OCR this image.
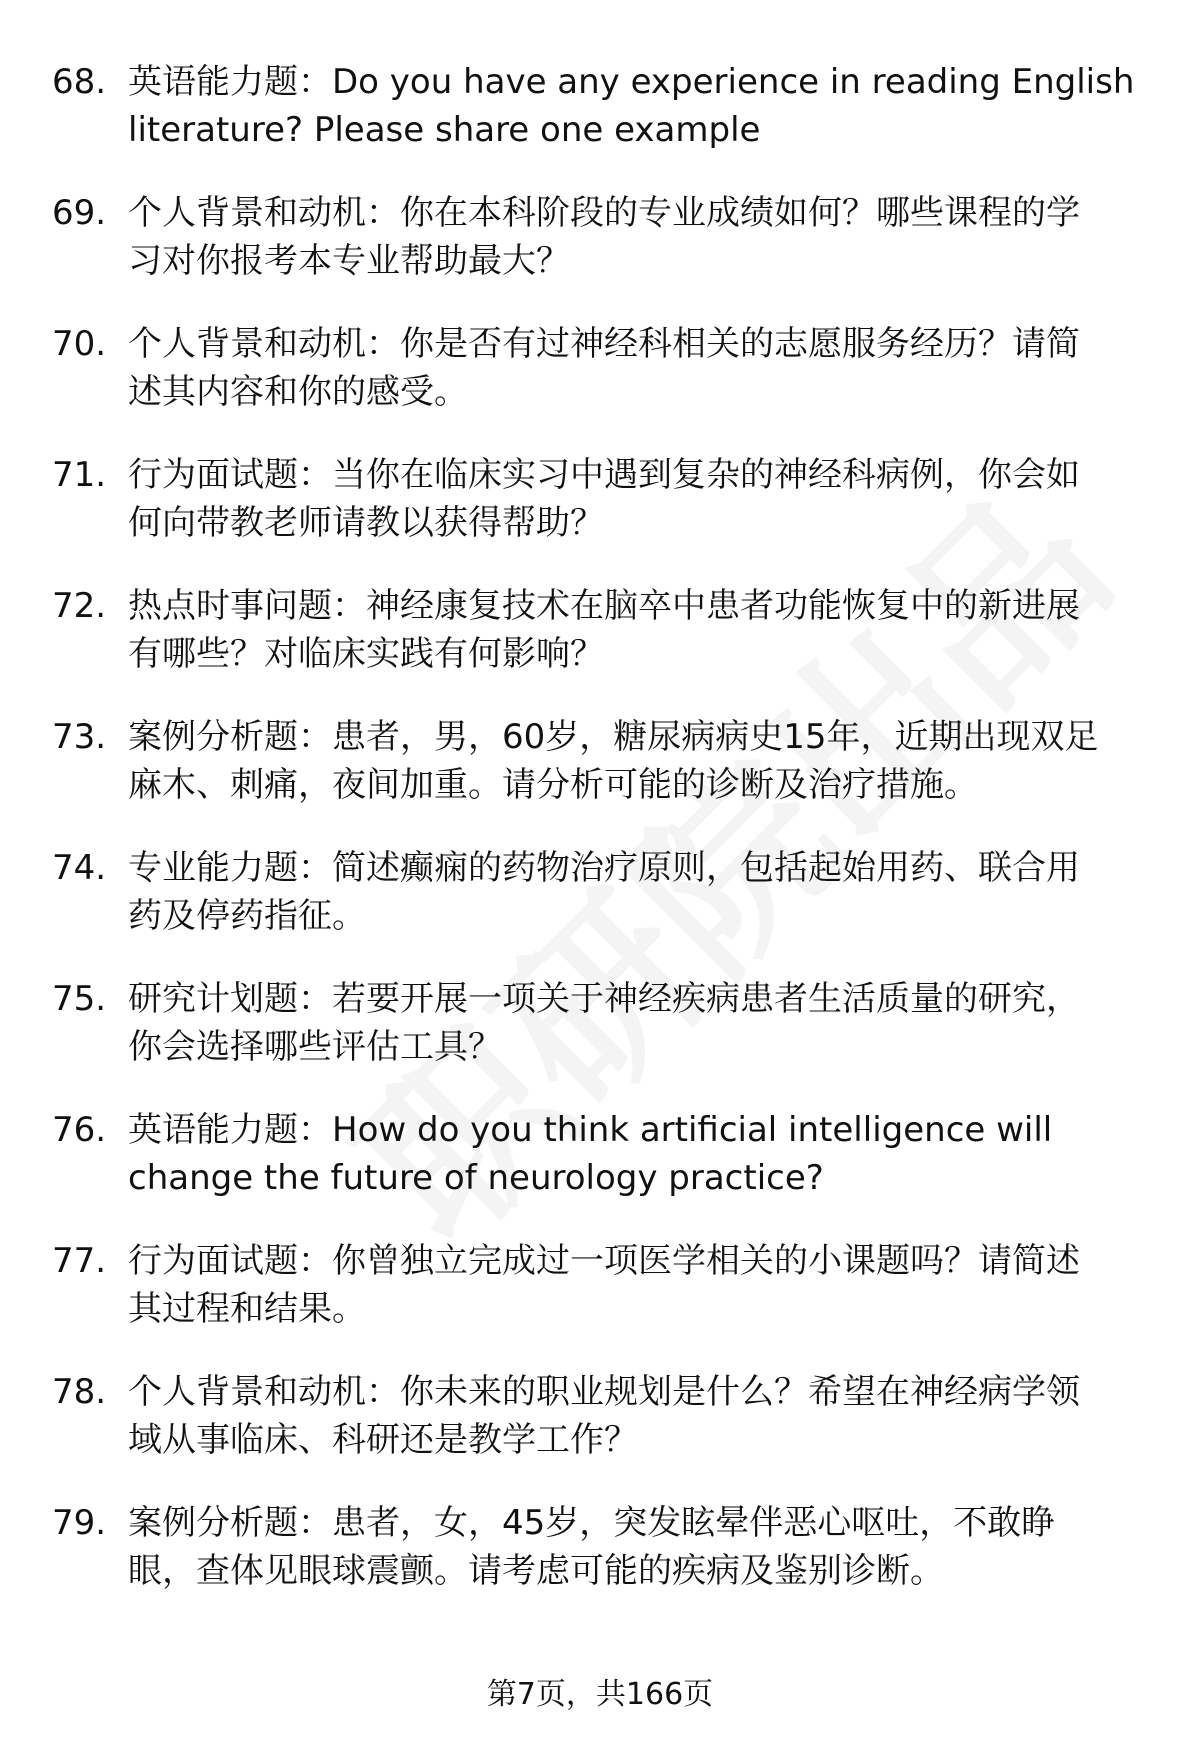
68. 英语能力题：Do you have any experience in reading English
literature? Please share one example
69. 个人背景和动机：你在本科阶段的专业成绩如何？哪些课程的学
习对你报考本专业帮助最大？
70. 个人背景和动机：你是否有过神经科相关的志愿服务经历？请简
述其内容和你的感受。
71. 行为面试题：当你在临床实习中遇到复杂的神经科病例，你会如
何向带教老师请教以获得帮助？
72. 热点时事问题：神经康复技术在脑卒中患者功能恢复中的新进展
有哪些？对临床实践有何影响？
73. 案例分析题：患者，男，60岁，糖尿病病史15年，近期出现双足
麻木、刺痛，夜间加重。请分析可能的诊断及治疗措施。
74. 专业能力题：简述癫痫的药物治疗原则，包括起始用药、联合用
药及停药指征。
75. 研究计划题：若要开展一项关于神经疾病患者生活质量的研究，
你会选择哪些评估工具？
76. 英语能力题：How do you think artificial intelligence will
change the future of neurology practice?
77. 行为面试题：你曾独立完成过一项医学相关的小课题吗？请简述
其过程和结果。
78. 个人背景和动机：你未来的职业规划是什么？希望在神经病学领
域从事临床、科研还是教学工作？
79. 案例分析题：患者，女，45岁，突发眩晕伴恶心呕吐，不敢睁
眼，查体见眼球震颤。请考虑可能的疾病及鉴别诊断。
第7页，共166页
